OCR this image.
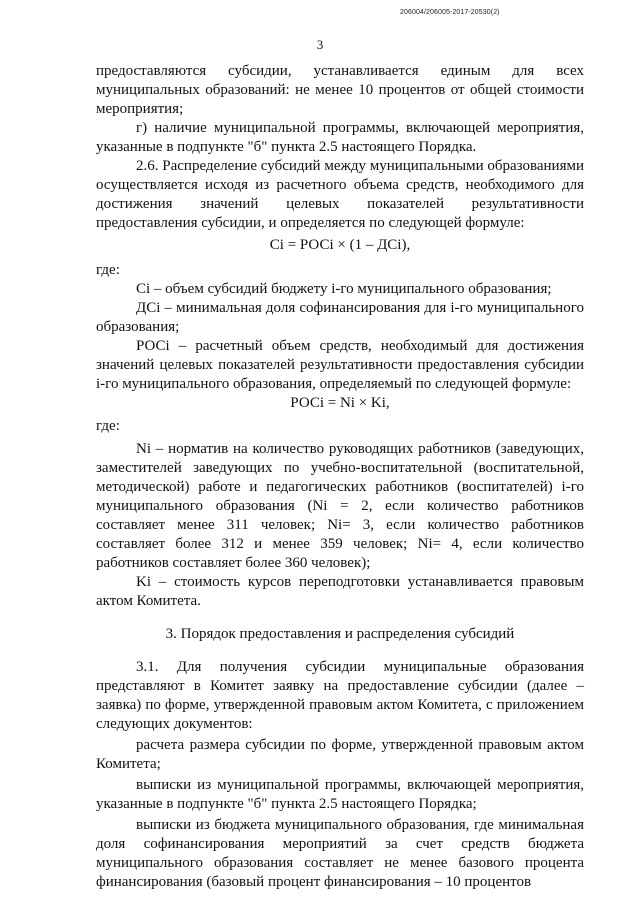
206004/206005-2017-20530(2)
3

предоставляются субсидии, устанавливается единым для всех муниципальных образований: не менее 10 процентов от общей стоимости мероприятия;

г) наличие муниципальной программы, включающей мероприятия, указанные в подпункте "б" пункта 2.5 настоящего Порядка.

2.6. Распределение субсидий между муниципальными образованиями осуществляется исходя из расчетного объема средств, необходимого для достижения значений целевых показателей результативности предоставления субсидии, и определяется по следующей формуле:

Сi = РОСi × (1 – ДСi),

где:

Сi – объем субсидий бюджету i-го муниципального образования;

ДСi – минимальная доля софинансирования для i-го муниципального образования;

РОСi – расчетный объем средств, необходимый для достижения значений целевых показателей результативности предоставления субсидии i-го муниципального образования, определяемый по следующей формуле:

РОСi = Ni × Ki,

где:

Ni – норматив на количество руководящих работников (заведующих, заместителей заведующих по учебно-воспитательной (воспитательной, методической) работе и педагогических работников (воспитателей) i-го муниципального образования (Ni = 2, если количество работников составляет менее 311 человек; Ni= 3, если количество работников составляет более 312 и менее 359 человек; Ni= 4, если количество работников составляет более 360 человек);

Ki – стоимость курсов переподготовки устанавливается правовым актом Комитета.

3. Порядок предоставления и распределения субсидий

3.1. Для получения субсидии муниципальные образования представляют в Комитет заявку на предоставление субсидии (далее – заявка) по форме, утвержденной правовым актом Комитета, с приложением следующих документов:

расчета размера субсидии по форме, утвержденной правовым актом Комитета;

выписки из муниципальной программы, включающей мероприятия, указанные в подпункте "б" пункта 2.5 настоящего Порядка;

выписки из бюджета муниципального образования, где минимальная доля софинансирования мероприятий за счет средств бюджета муниципального образования составляет не менее базового процента финансирования (базовый процент финансирования – 10 процентов
